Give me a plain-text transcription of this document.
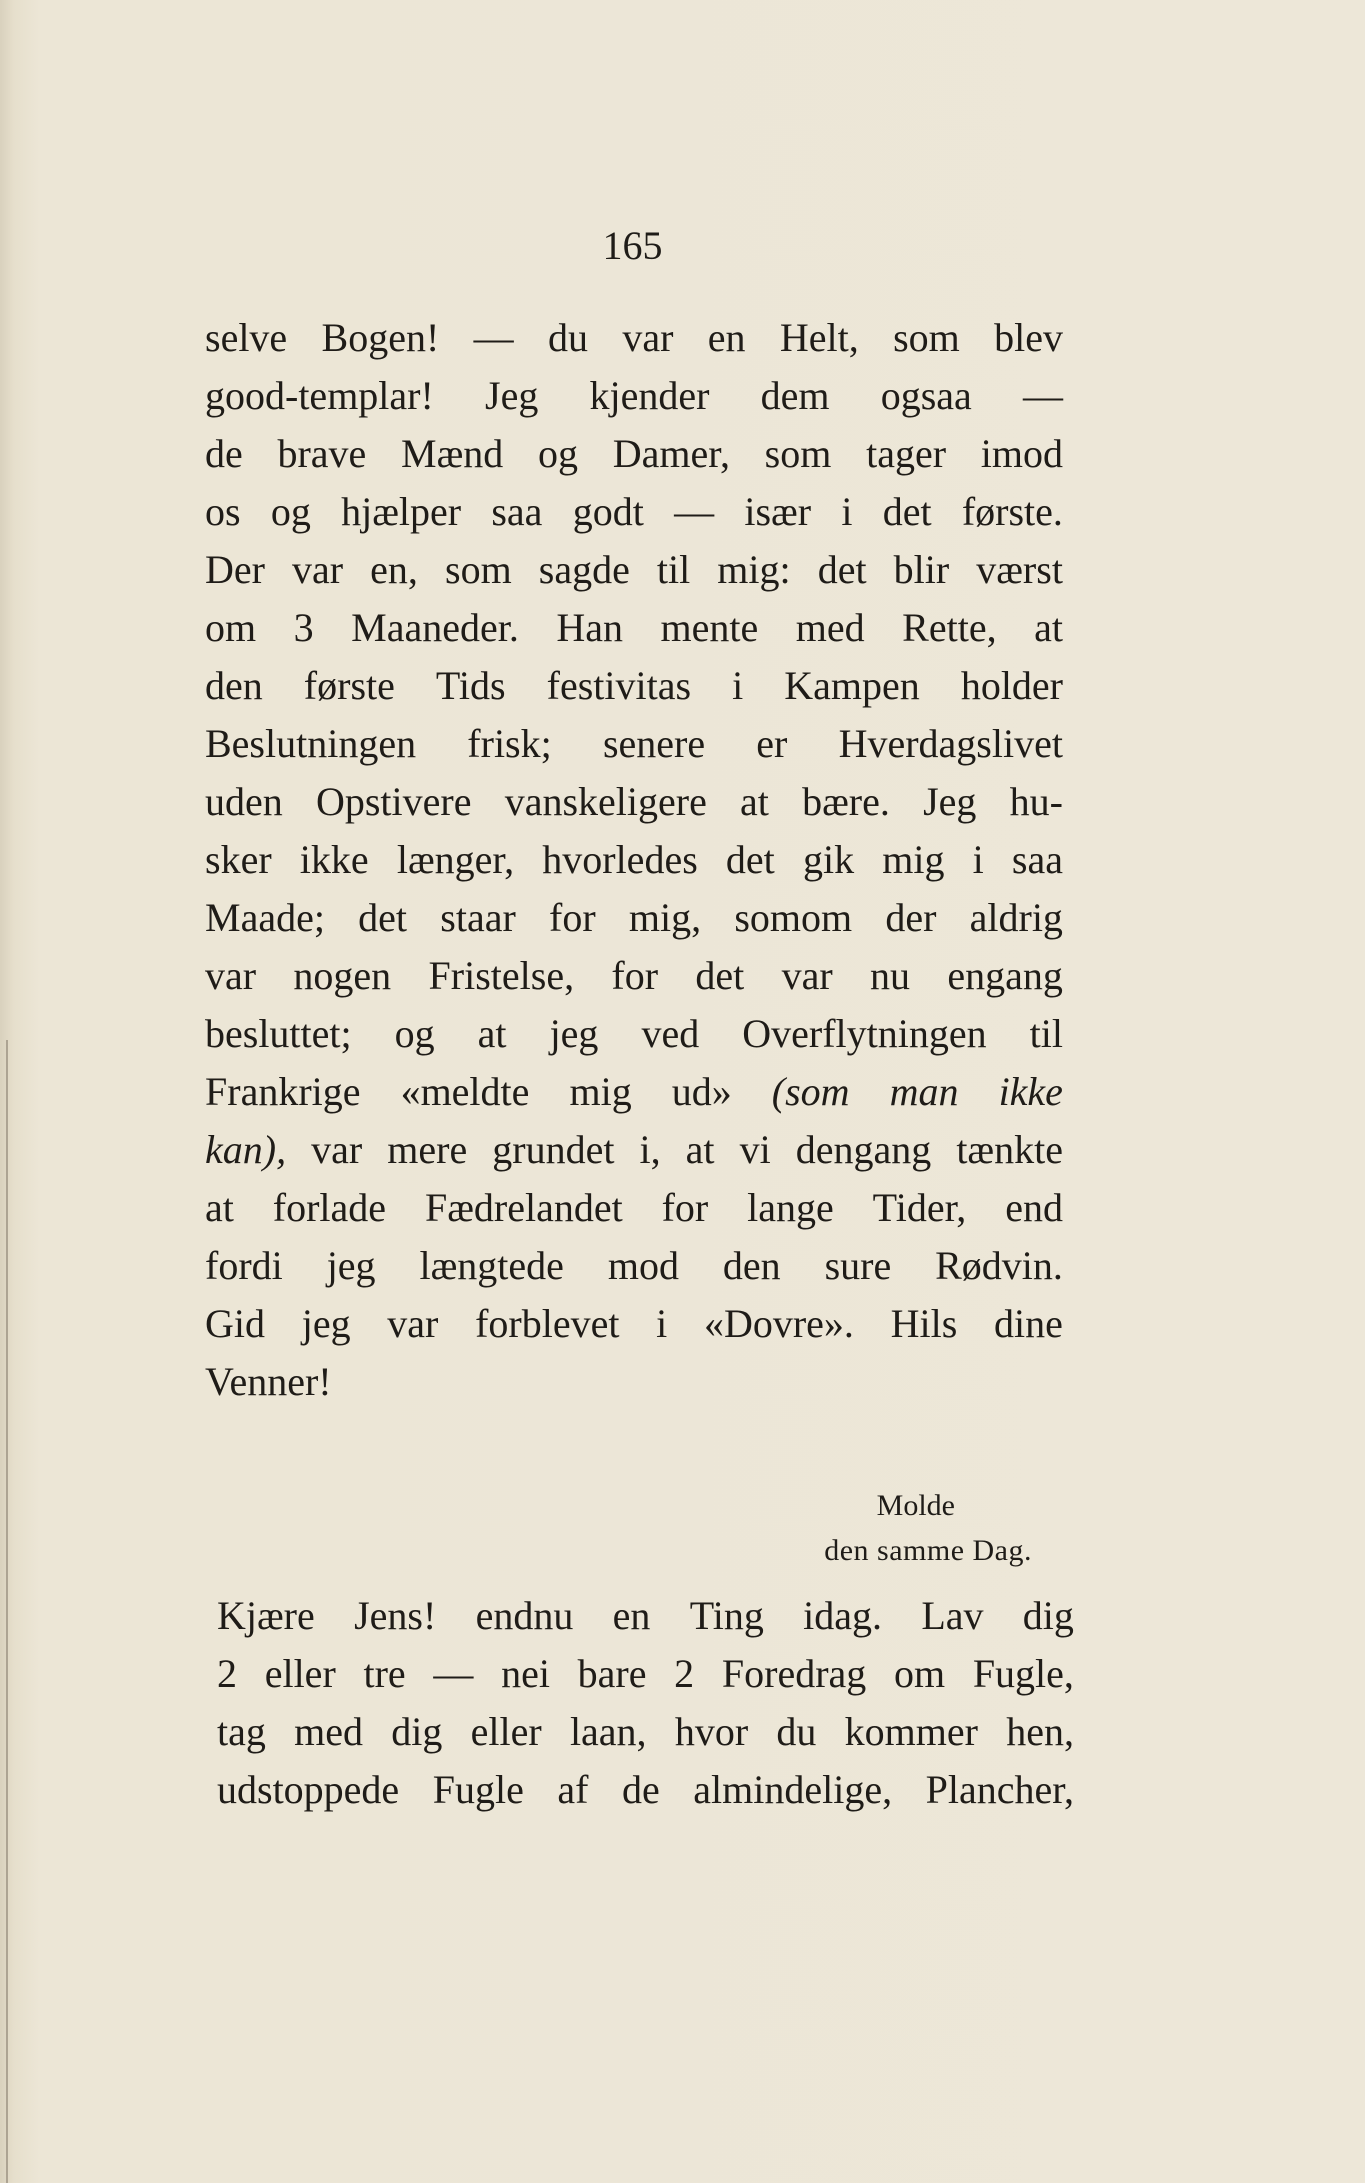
165
selve Bogen! — du var en Helt, som blev
good-templar! Jeg kjender dem ogsaa —
de brave Mænd og Damer, som tager imod
os og hjælper saa godt — især i det første.
Der var en, som sagde til mig: det blir værst
om 3 Maaneder. Han mente med Rette, at
den første Tids festivitas i Kampen holder
Beslutningen frisk; senere er Hverdagslivet
uden Opstivere vanskeligere at bære. Jeg hu-
sker ikke længer, hvorledes det gik mig i saa
Maade; det staar for mig, somom der aldrig
var nogen Fristelse, for det var nu engang
besluttet; og at jeg ved Overflytningen til
Frankrige «meldte mig ud» (som man ikke
kan), var mere grundet i, at vi dengang tænkte
at forlade Fædrelandet for lange Tider, end
fordi jeg længtede mod den sure Rødvin.
Gid jeg var forblevet i «Dovre». Hils dine
Venner!
Molde
den samme Dag.
Kjære Jens! endnu en Ting idag. Lav dig
2 eller tre — nei bare 2 Foredrag om Fugle,
tag med dig eller laan, hvor du kommer hen,
udstoppede Fugle af de almindelige, Plancher,
